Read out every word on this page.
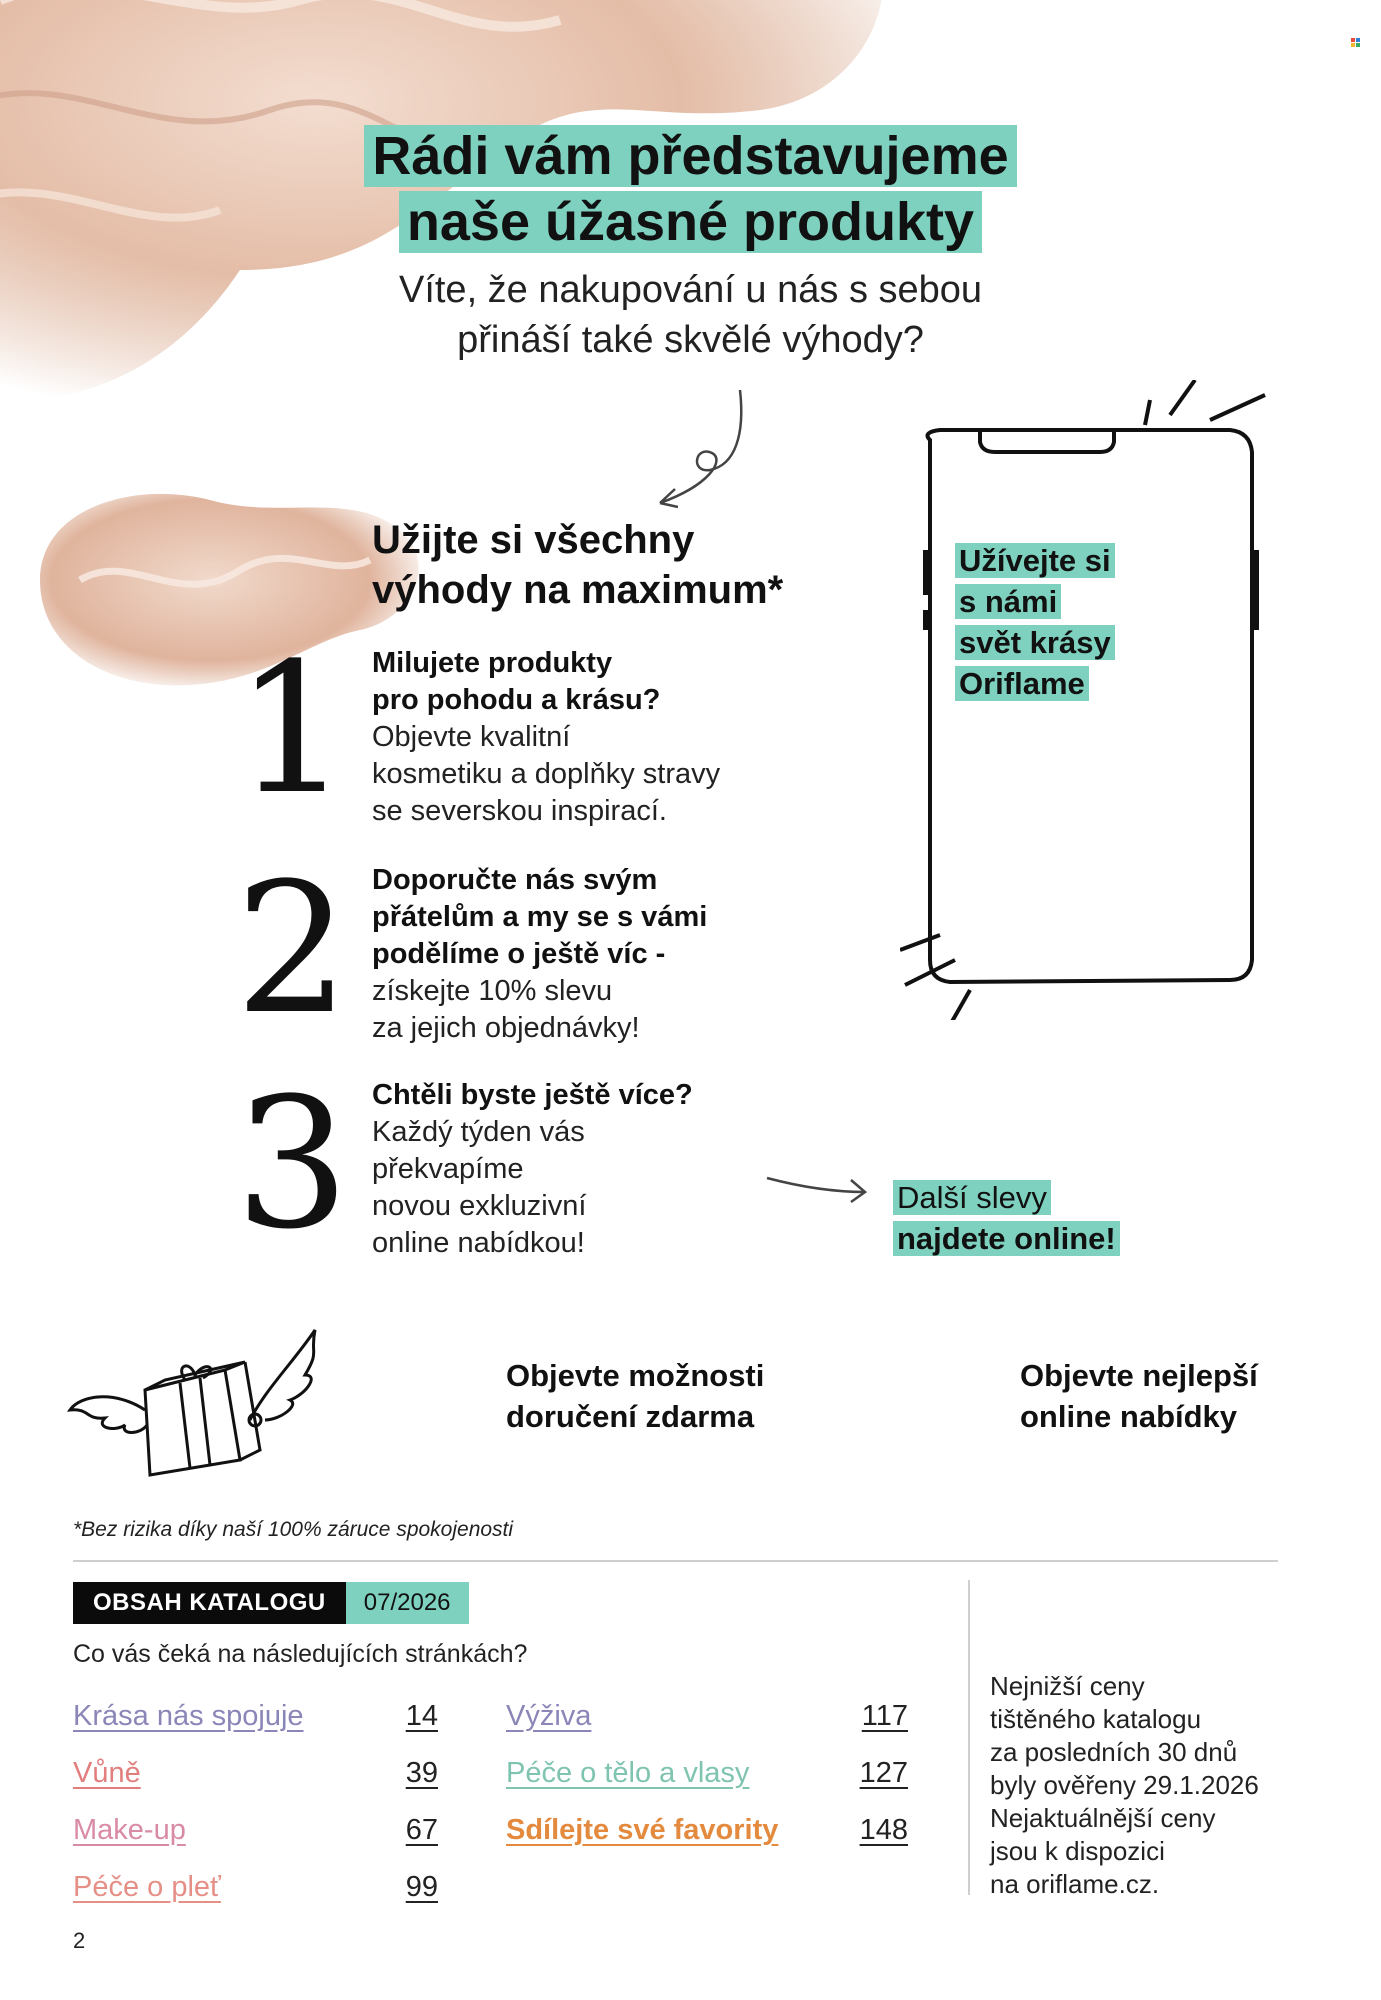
Rádi vám představujeme
naše úžasné produkty
Víte, že nakupování u nás s sebou
přináší také skvělé výhody?
Užijte si všechny
výhody na maximum*
1 Milujete produkty
pro pohodu a krásu?
Objevte kvalitní
kosmetiku a doplňky stravy
se severskou inspirací.
2 Doporučte nás svým
přátelům a my se s vámi
podělíme o ještě víc -
získejte 10% slevu
za jejich objednávky!
3 Chtěli byste ještě více?
Každý týden vás
překvapíme
novou exkluzivní
online nabídkou!
Užívejte si
s námi
svět krásy
Oriflame
Další slevy
najdete online!
Objevte možnosti
doručení zdarma
Objevte nejlepší
online nabídky
*Bez rizika díky naší 100% záruce spokojenosti
OBSAH KATALOGU	07/2026
Co vás čeká na následujících stránkách?
Krása nás spojuje	14
Vůně	39
Make-up	67
Péče o pleť	99
Výživa	117
Péče o tělo a vlasy	127
Sdílejte své favority	148
Nejnižší ceny
tištěného katalogu
za posledních 30 dnů
byly ověřeny 29.1.2026
Nejaktuálnější ceny
jsou k dispozici
na oriflame.cz.
2
